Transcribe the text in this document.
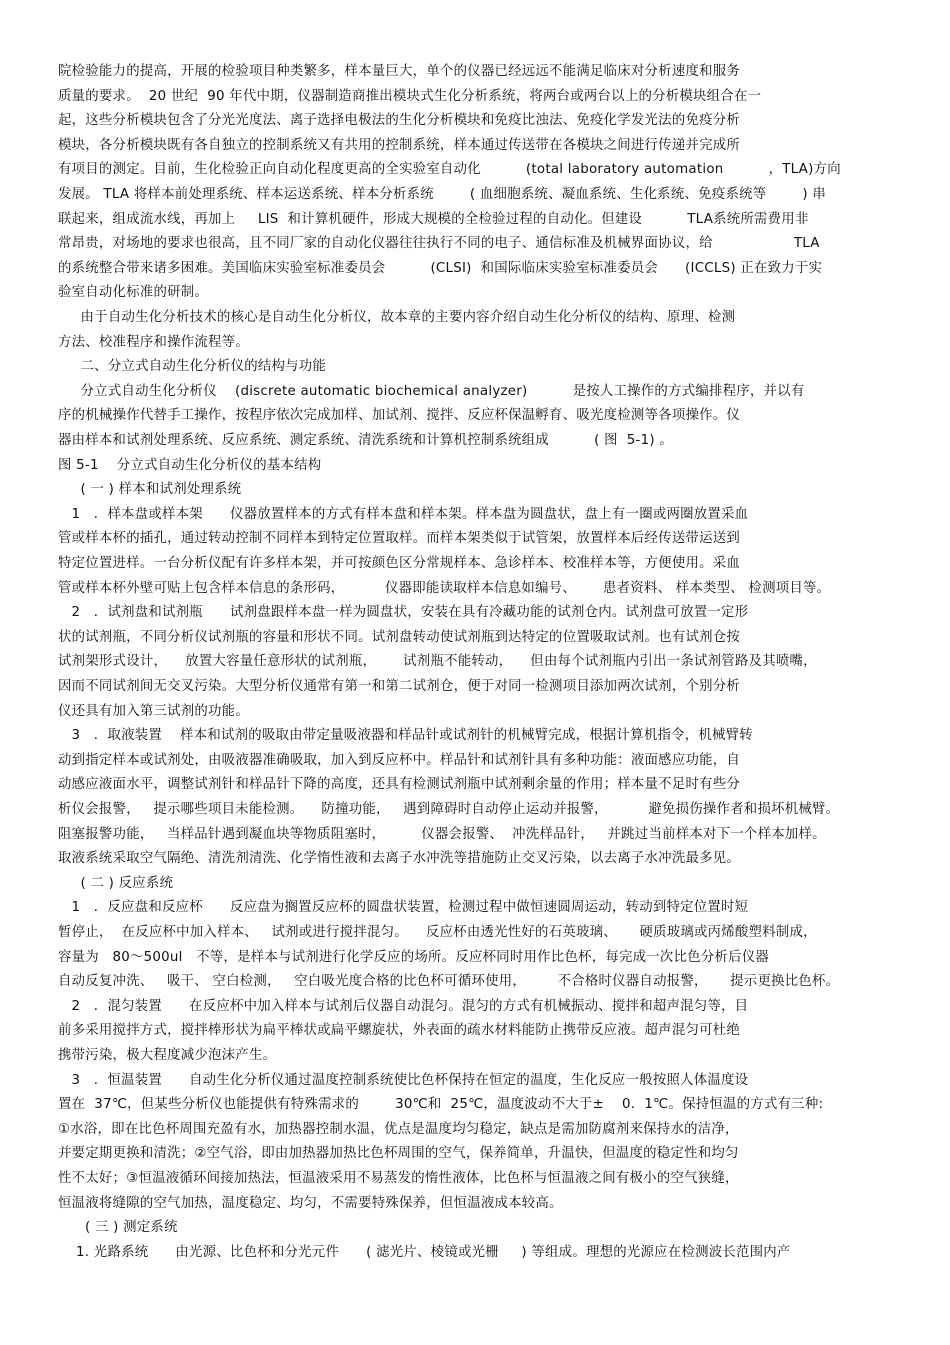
院检验能力的提高，开展的检验项目种类繁多，样本量巨大，单个的仪器已经远远不能满足临床对分析速度和服务
质量的要求。  20 世纪  90 年代中期，仪器制造商推出模块式生化分析系统，将两台或两台以上的分析模块组合在一
起，这些分析模块包含了分光光度法、离子选择电极法的生化分析模块和免疫比浊法、免疫化学发光法的免疫分析
模块，各分析模块既有各自独立的控制系统又有共用的控制系统，样本通过传送带在各模块之间进行传递并完成所
有项目的测定。目前，生化检验正向自动化程度更高的全实验室自动化          (total laboratory automation          ，TLA)方向
发展。 TLA 将样本前处理系统、样本运送系统、样本分析系统        ( 血细胞系统、凝血系统、生化系统、免疫系统等        ) 串
联起来，组成流水线，再加上     LIS  和计算机硬件，形成大规模的全检验过程的自动化。但建设          TLA系统所需费用非
常昂贵，对场地的要求也很高，且不同厂家的自动化仪器往往执行不同的电子、通信标准及机械界面协议，给                  TLA
的系统整合带来诸多困难。美国临床实验室标准委员会          (CLSI)  和国际临床实验室标准委员会      (ICCLS) 正在致力于实
验室自动化标准的研制。
由于自动生化分析技术的核心是自动生化分析仪，故本章的主要内容介绍自动生化分析仪的结构、原理、检测
方法、校准程序和操作流程等。
二、分立式自动生化分析仪的结构与功能
分立式自动生化分析仪    (discrete automatic biochemical analyzer)          是按人工操作的方式编排程序，并以有
序的机械操作代替手工操作，按程序依次完成加样、加试剂、搅拌、反应杯保温孵育、吸光度检测等各项操作。仪
器由样本和试剂处理系统、反应系统、测定系统、清洗系统和计算机控制系统组成          ( 图  5-1) 。
图 5-1    分立式自动生化分析仪的基本结构
( 一 ) 样本和试剂处理系统
1   ．样本盘或样本架      仪器放置样本的方式有样本盘和样本架。样本盘为圆盘状，盘上有一圈或两圈放置采血
管或样本杯的插孔，通过转动控制不同样本到特定位置取样。而样本架类似于试管架，放置样本后经传送带运送到
特定位置进样。一台分析仪配有许多样本架，并可按颜色区分常规样本、急诊样本、校准样本等，方便使用。采血
管或样本杯外壁可贴上包含样本信息的条形码，         仪器即能读取样本信息如编号、      患者资料、 样本类型、 检测项目等。
2   ．试剂盘和试剂瓶      试剂盘跟样本盘一样为圆盘状，安装在具有冷藏功能的试剂仓内。试剂盘可放置一定形
状的试剂瓶，不同分析仪试剂瓶的容量和形状不同。试剂盘转动使试剂瓶到达特定的位置吸取试剂。也有试剂仓按
试剂架形式设计，    放置大容量任意形状的试剂瓶，      试剂瓶不能转动，    但由每个试剂瓶内引出一条试剂管路及其喷嘴，
因而不同试剂间无交叉污染。大型分析仪通常有第一和第二试剂仓，便于对同一检测项目添加两次试剂，个别分析
仪还具有加入第三试剂的功能。
3   ．取液装置    样本和试剂的吸取由带定量吸液器和样品针或试剂针的机械臂完成，根据计算机指令，机械臂转
动到指定样本或试剂处，由吸液器准确吸取，加入到反应杯中。样品针和试剂针具有多种功能：液面感应功能，自
动感应液面水平，调整试剂针和样品针下降的高度，还具有检测试剂瓶中试剂剩余量的作用；样本量不足时有些分
析仪会报警，   提示哪些项目未能检测。    防撞功能，   遇到障碍时自动停止运动并报警，         避免损伤操作者和损坏机械臂。
阻塞报警功能，   当样品针遇到凝血块等物质阻塞时，        仪器会报警、  冲洗样品针，   并跳过当前样本对下一个样本加样。
取液系统采取空气隔绝、清洗剂清洗、化学惰性液和去离子水冲洗等措施防止交叉污染，以去离子水冲洗最多见。
( 二 ) 反应系统
1   ．反应盘和反应杯      反应盘为搁置反应杯的圆盘状装置，检测过程中做恒速圆周运动，转动到特定位置时短
暂停止，  在反应杯中加入样本、   试剂或进行搅拌混匀。    反应杯由透光性好的石英玻璃、     硬质玻璃或丙烯酸塑料制成，
容量为   80～500ul   不等，是样本与试剂进行化学反应的场所。反应杯同时用作比色杯，每完成一次比色分析后仪器
自动反复冲洗、   吸干、 空白检测，   空白吸光度合格的比色杯可循环使用，       不合格时仪器自动报警，     提示更换比色杯。
2   ．混匀装置      在反应杯中加入样本与试剂后仪器自动混匀。混匀的方式有机械振动、搅拌和超声混匀等，目
前多采用搅拌方式，搅拌棒形状为扁平棒状或扁平螺旋状，外表面的疏水材料能防止携带反应液。超声混匀可杜绝
携带污染，极大程度减少泡沫产生。
3   ．恒温装置      自动生化分析仪通过温度控制系统使比色杯保持在恒定的温度，生化反应一般按照人体温度设
置在  37℃，但某些分析仪也能提供有特殊需求的        30℃和  25℃，温度波动不大于±    0．1℃。保持恒温的方式有三种:
①水浴，即在比色杯周围充盈有水，加热器控制水温，优点是温度均匀稳定，缺点是需加防腐剂来保持水的洁净，
并要定期更换和清洗；②空气浴，即由加热器加热比色杯周围的空气，保养简单，升温快，但温度的稳定性和均匀
性不太好；③恒温液循环间接加热法，恒温液采用不易蒸发的惰性液体，比色杯与恒温液之间有极小的空气狭缝，
恒温液将缝隙的空气加热，温度稳定、均匀，不需要特殊保养，但恒温液成本较高。
( 三 ) 测定系统
1. 光路系统      由光源、比色杯和分光元件      ( 滤光片、棱镜或光栅     ) 等组成。理想的光源应在检测波长范围内产
